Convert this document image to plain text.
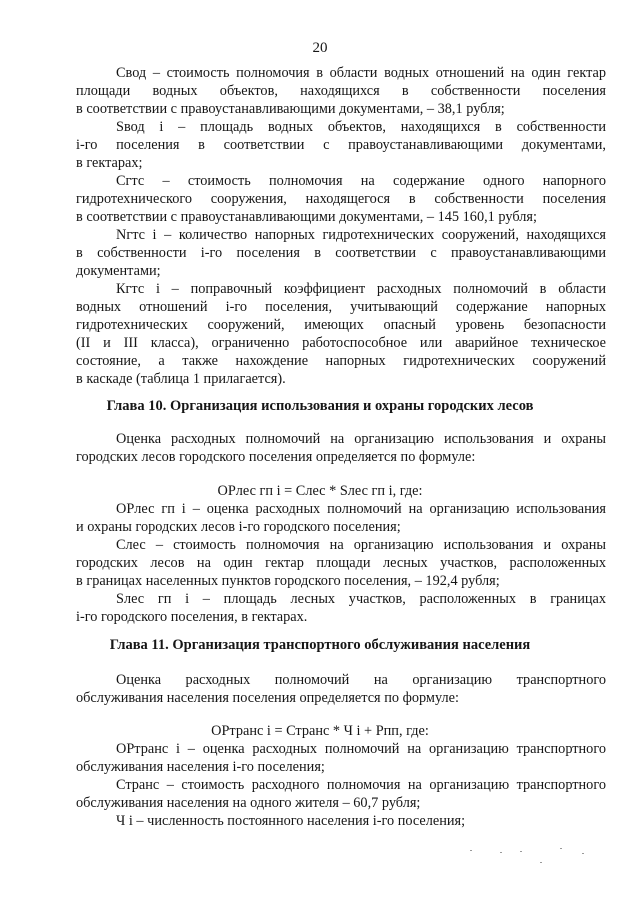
20
Свод – стоимость полномочия в области водных отношений на один гектар
площади водных объектов, находящихся в собственности поселения
в соответствии с правоустанавливающими документами, – 38,1 рубля;
Sвод i – площадь водных объектов, находящихся в собственности
i-го поселения в соответствии с правоустанавливающими документами,
в гектарах;
Сгтс – стоимость полномочия на содержание одного напорного
гидротехнического сооружения, находящегося в собственности поселения
в соответствии с правоустанавливающими документами, – 145 160,1 рубля;
Nгтс i – количество напорных гидротехнических сооружений, находящихся
в собственности i-го поселения в соответствии с правоустанавливающими
документами;
Кгтс i – поправочный коэффициент расходных полномочий в области
водных отношений i-го поселения, учитывающий содержание напорных
гидротехнических сооружений, имеющих опасный уровень безопасности
(II и III класса), ограниченно работоспособное или аварийное техническое
состояние, а также нахождение напорных гидротехнических сооружений
в каскаде (таблица 1 прилагается).
Глава 10. Организация использования и охраны городских лесов
Оценка расходных полномочий на организацию использования и охраны
городских лесов городского поселения определяется по формуле:
ОРлес гп i = Слес * Sлес гп i, где:
ОРлес гп i – оценка расходных полномочий на организацию использования
и охраны городских лесов i-го городского поселения;
Слес – стоимость полномочия на организацию использования и охраны
городских лесов на один гектар площади лесных участков, расположенных
в границах населенных пунктов городского поселения, – 192,4 рубля;
Sлес гп i – площадь лесных участков, расположенных в границах
i-го городского поселения, в гектарах.
Глава 11. Организация транспортного обслуживания населения
Оценка расходных полномочий на организацию транспортного
обслуживания населения поселения определяется по формуле:
ОРтранс i = Странс * Ч i + Рпп, где:
ОРтранс i – оценка расходных полномочий на организацию транспортного
обслуживания населения i-го поселения;
Странс – стоимость расходного полномочия на организацию транспортного
обслуживания населения на одного жителя – 60,7 рубля;
Ч i – численность постоянного населения i-го поселения;
